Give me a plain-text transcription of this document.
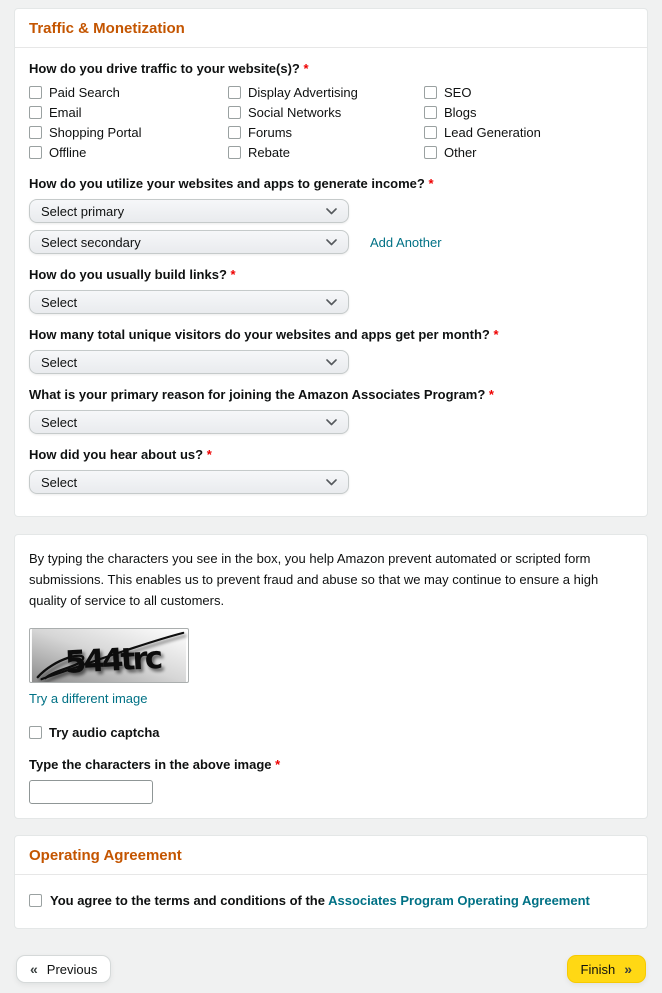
Traffic & Monetization
How do you drive traffic to your website(s)? *
Paid Search	Display Advertising	SEO
Email	Social Networks	Blogs
Shopping Portal	Forums	Lead Generation
Offline	Rebate	Other
How do you utilize your websites and apps to generate income? *
Select primary
Select secondary	Add Another
How do you usually build links? *
Select
How many total unique visitors do your websites and apps get per month? *
Select
What is your primary reason for joining the Amazon Associates Program? *
Select
How did you hear about us? *
Select

By typing the characters you see in the box, you help Amazon prevent automated or scripted form submissions. This enables us to prevent fraud and abuse so that we may continue to ensure a high quality of service to all customers.

544trc
Try a different image
Try audio captcha
Type the characters in the above image *
Operating Agreement
You agree to the terms and conditions of the Associates Program Operating Agreement
« Previous	Finish »
